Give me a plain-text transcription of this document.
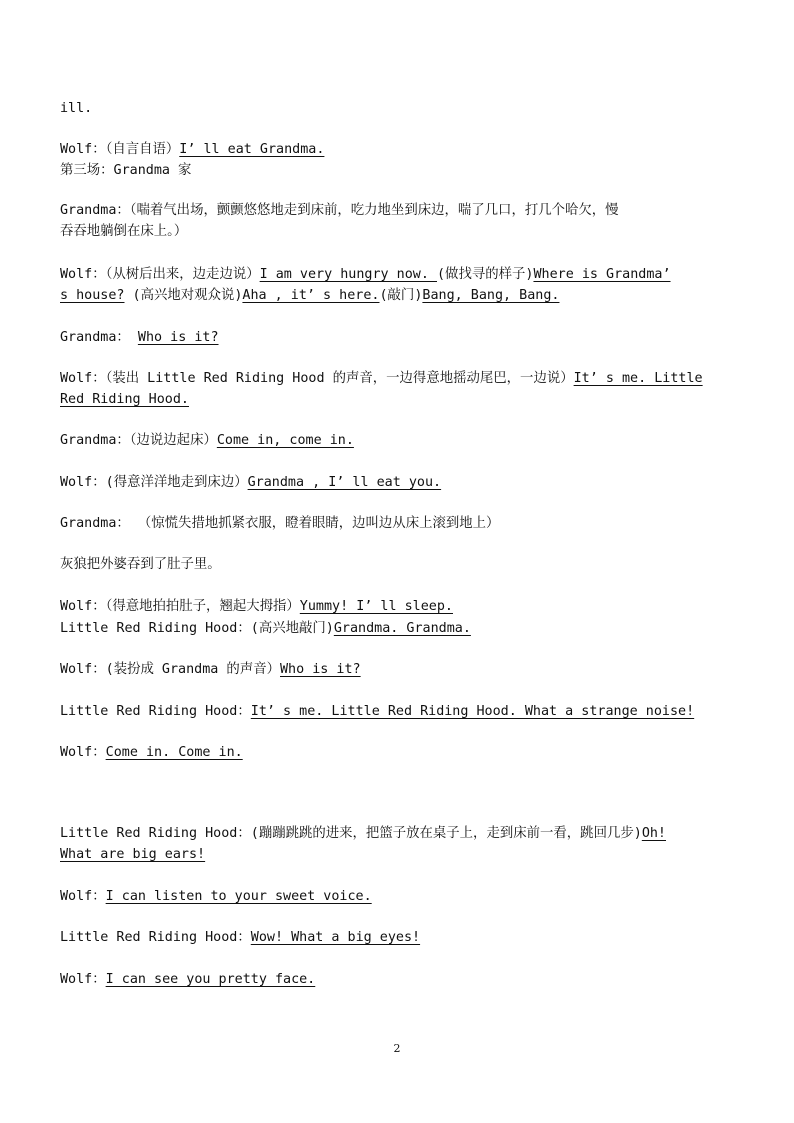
ill.
Wolf：（自言自语）I’ ll eat Grandma.
第三场：Grandma 家
Grandma：（喘着气出场，颤颤悠悠地走到床前，吃力地坐到床边，喘了几口，打几个哈欠，慢
吞吞地躺倒在床上。）
Wolf：（从树后出来，边走边说）I am very hungry now. (做找寻的样子)Where is Grandma’
s house? (高兴地对观众说)Aha , it’ s here.(敲门)Bang, Bang, Bang.
Grandma： Who is it?
Wolf：（装出 Little Red Riding Hood 的声音，一边得意地摇动尾巴，一边说）It’ s me. Little
Red Riding Hood.
Grandma：（边说边起床）Come in, come in.
Wolf：(得意洋洋地走到床边）Grandma , I’ ll eat you.
Grandma： （惊慌失措地抓紧衣服，瞪着眼睛，边叫边从床上滚到地上）
灰狼把外婆吞到了肚子里。
Wolf：（得意地拍拍肚子，翘起大拇指）Yummy! I’ ll sleep.
Little Red Riding Hood：(高兴地敲门)Grandma. Grandma.
Wolf：(装扮成 Grandma 的声音）Who is it?
Little Red Riding Hood：It’ s me. Little Red Riding Hood. What a strange noise!
Wolf：Come in. Come in.
Little Red Riding Hood：(蹦蹦跳跳的进来，把篮子放在桌子上，走到床前一看，跳回几步)Oh!
What are big ears!
Wolf：I can listen to your sweet voice.
Little Red Riding Hood：Wow! What a big eyes!
Wolf：I can see you pretty face.
2
